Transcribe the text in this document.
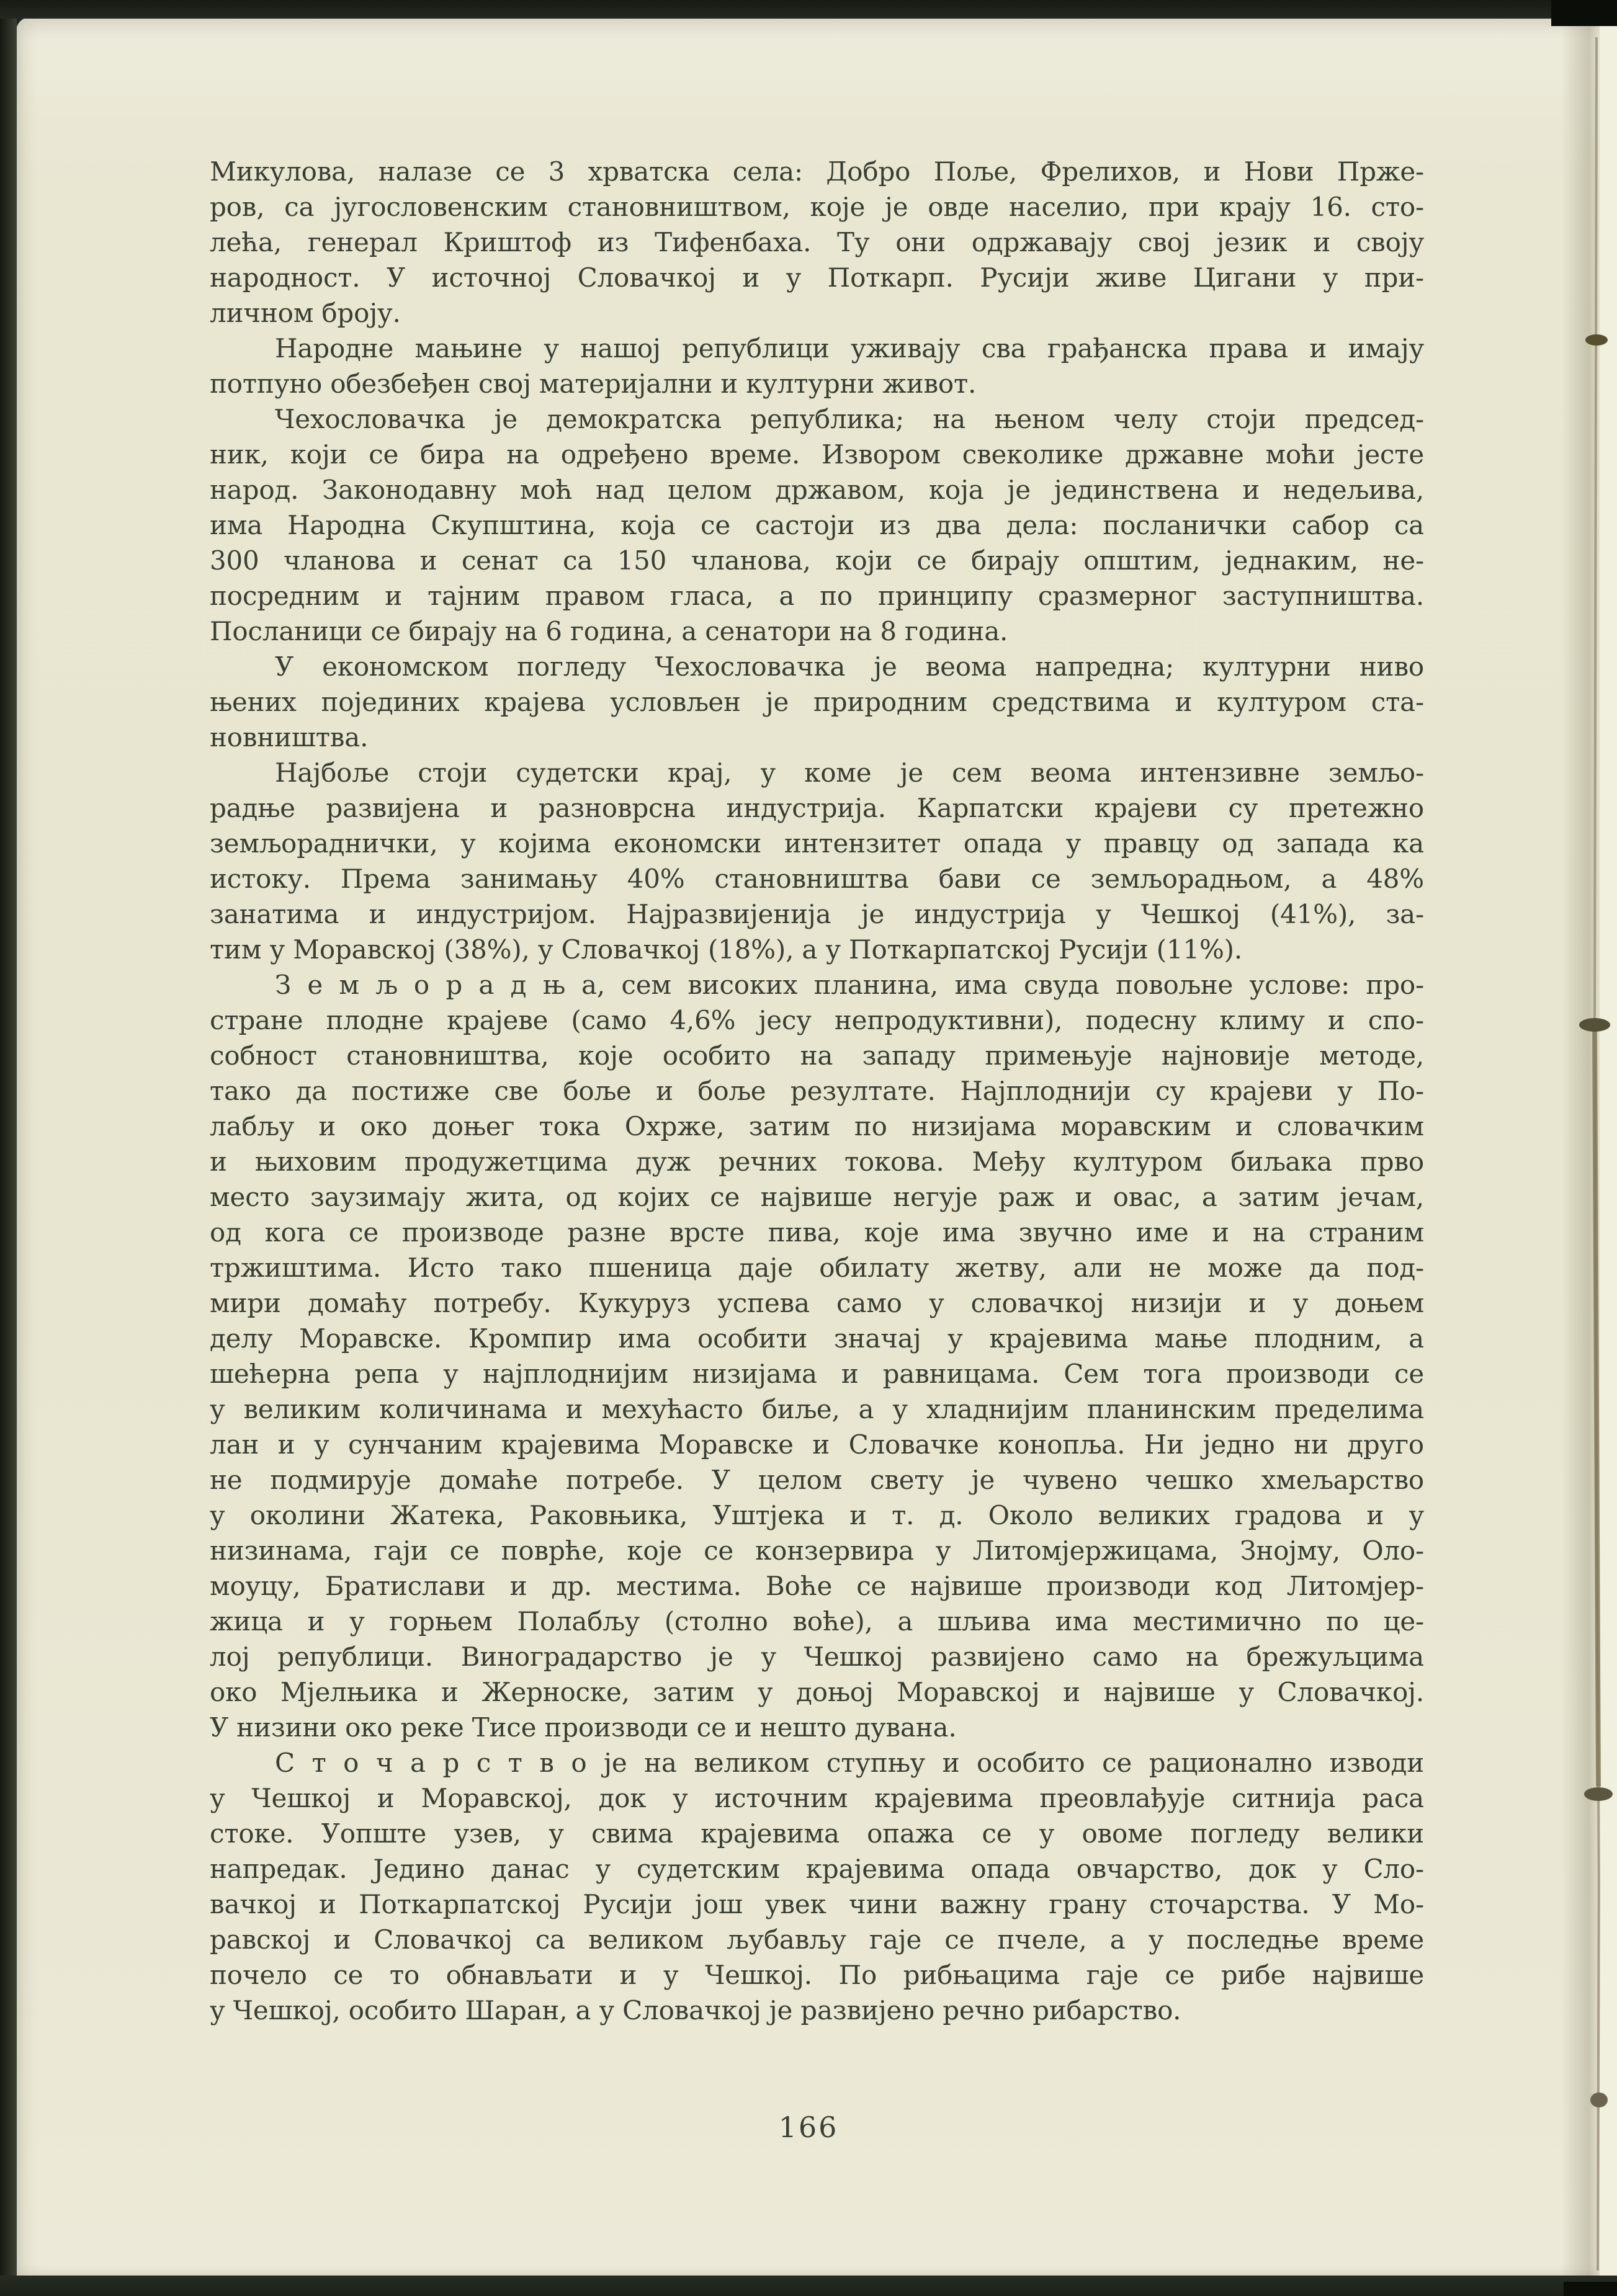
Микулова, налазе се 3 хрватска села: Добро Поље, Фрелихов, и Нови Прже-
ров, са југословенским становништвом, које је овде населио, при крају 16. сто-
лећа, генерал Криштоф из Тифенбаха. Ту они одржавају свој језик и своју
народност. У источној Словачкој и у Поткарп. Русији живе Цигани у при-
личном броју.
Народне мањине у нашој републици уживају сва грађанска права и имају
потпуно обезбеђен свој материјални и културни живот.
Чехословачка је демократска република; на њеном челу стоји председ-
ник, који се бира на одређено време. Извором свеколике државне моћи јесте
народ. Законодавну моћ над целом државом, која је јединствена и недељива,
има Народна Скупштина, која се састоји из два дела: посланички сабор са
300 чланова и сенат са 150 чланова, који се бирају општим, једнаким, не-
посредним и тајним правом гласа, а по принципу сразмерног заступништва.
Посланици се бирају на 6 година, а сенатори на 8 година.
У економском погледу Чехословачка је веома напредна; културни ниво
њених појединих крајева условљен је природним средствима и културом ста-
новништва.
Најбоље стоји судетски крај, у коме је сем веома интензивне земљо-
радње развијена и разноврсна индустрија. Карпатски крајеви су претежно
земљораднички, у којима економски интензитет опада у правцу од запада ка
истоку. Према занимању 40% становништва бави се земљорадњом, а 48%
занатима и индустријом. Најразвијенија је индустрија у Чешкој (41%), за-
тим у Моравској (38%), у Словачкој (18%), а у Поткарпатској Русији (11%).
З е м љ о р а д њ а, сем високих планина, има свуда повољне услове: про-
стране плодне крајеве (само 4,6% јесу непродуктивни), подесну климу и спо-
собност становништва, које особито на западу примењује најновије методе,
тако да постиже све боље и боље резултате. Најплоднији су крајеви у По-
лабљу и око доњег тока Охрже, затим по низијама моравским и словачким
и њиховим продужетцима дуж речних токова. Међу културом биљака прво
место заузимају жита, од којих се највише негује раж и овас, а затим јечам,
од кога се производе разне врсте пива, које има звучно име и на страним
тржиштима. Исто тако пшеница даје обилату жетву, али не може да под-
мири домаћу потребу. Кукуруз успева само у словачкој низији и у доњем
делу Моравске. Кромпир има особити значај у крајевима мање плодним, а
шећерна репа у најплоднијим низијама и равницама. Сем тога производи се
у великим количинама и мехућасто биље, а у хладнијим планинским пределима
лан и у сунчаним крајевима Моравске и Словачке конопља. Ни једно ни друго
не подмирује домаће потребе. У целом свету је чувено чешко хмељарство
у околини Жатека, Раковњика, Уштјека и т. д. Около великих градова и у
низинама, гаји се поврће, које се конзервира у Литомјержицама, Знојму, Оло-
моуцу, Братислави и др. местима. Воће се највише производи код Литомјер-
жица и у горњем Полабљу (столно воће), а шљива има местимично по це-
лој републици. Виноградарство је у Чешкој развијено само на брежуљцима
око Мјелњика и Жерноске, затим у доњој Моравској и највише у Словачкој.
У низини око реке Тисе производи се и нешто дувана.
С т о ч а р с т в о је на великом ступњу и особито се рационално изводи
у Чешкој и Моравској, док у источним крајевима преовлађује ситнија раса
стоке. Уопште узев, у свима крајевима опажа се у овоме погледу велики
напредак. Једино данас у судетским крајевима опада овчарство, док у Сло-
вачкој и Поткарпатској Русији још увек чини важну грану сточарства. У Мо-
равској и Словачкој са великом љубављу гаје се пчеле, а у последње време
почело се то обнављати и у Чешкој. По рибњацима гаје се рибе највише
у Чешкој, особито Шаран, а у Словачкој је развијено речно рибарство.
166
